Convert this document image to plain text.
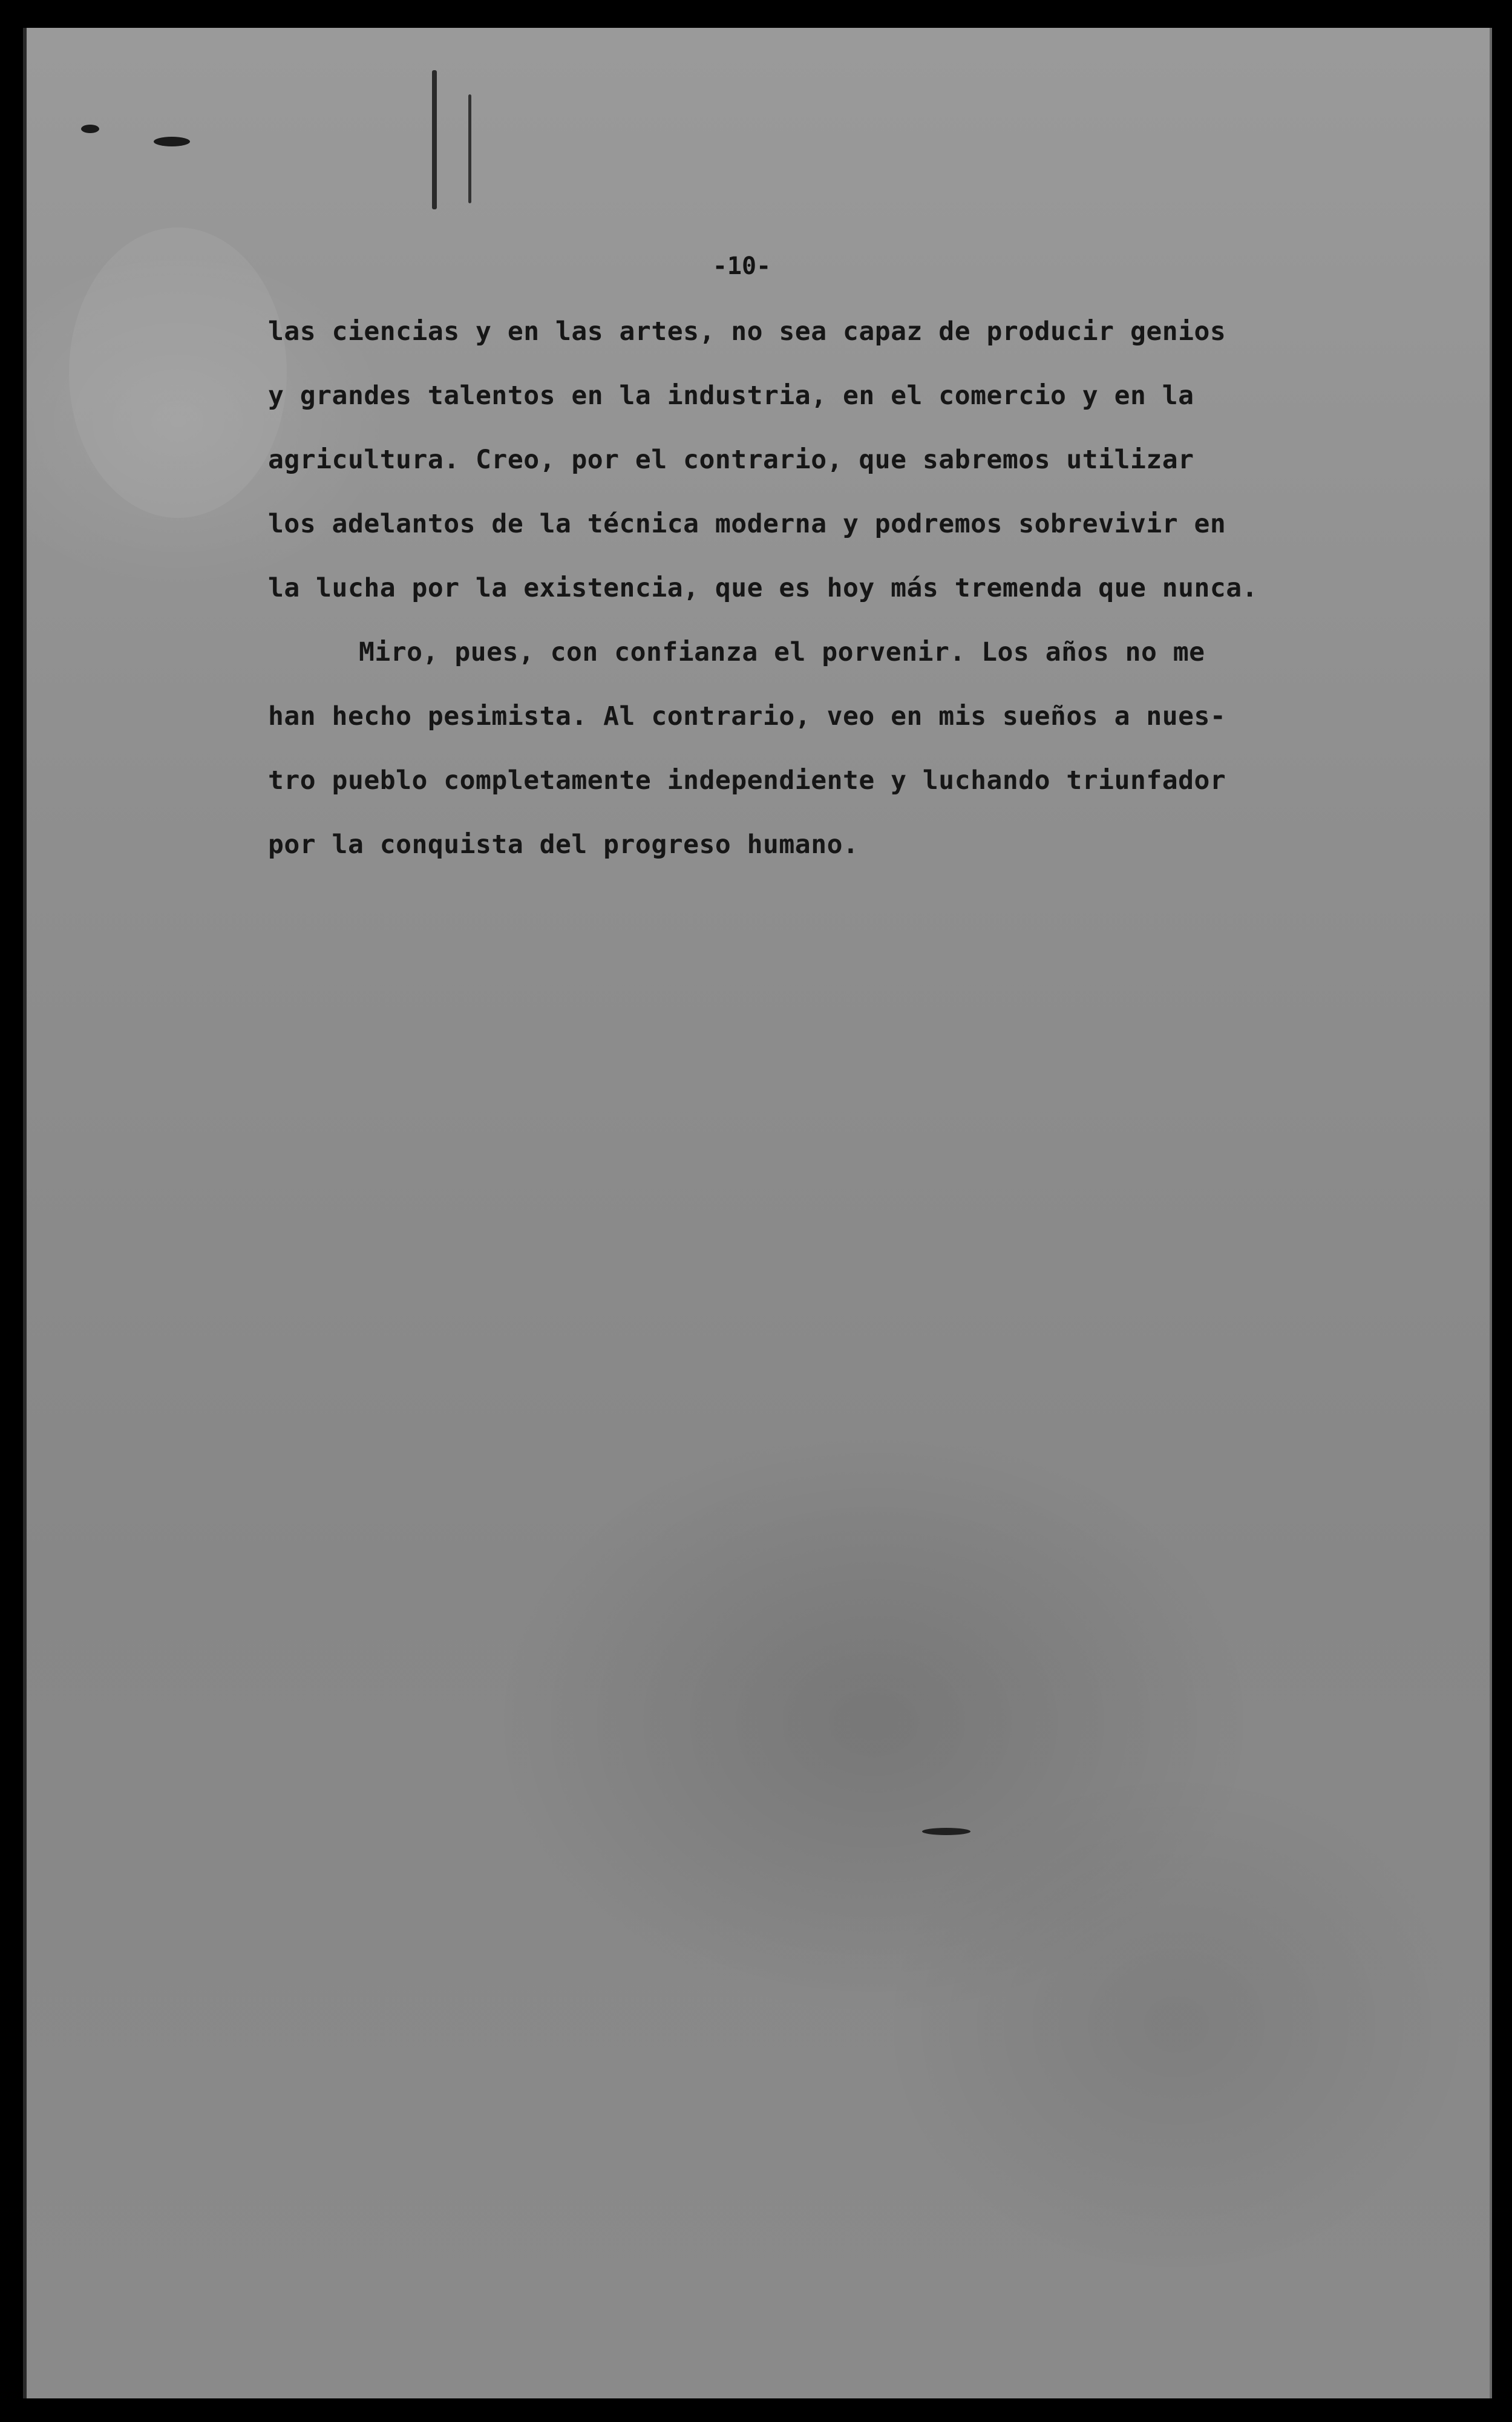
-10-
las ciencias y en las artes, no sea capaz de producir genios
y grandes talentos en la industria, en el comercio y en la
agricultura. Creo, por el contrario, que sabremos utilizar
los adelantos de la técnica moderna y podremos sobrevivir en
la lucha por la existencia, que es hoy más tremenda que nunca.
Miro, pues, con confianza el porvenir. Los años no me
han hecho pesimista. Al contrario, veo en mis sueños a nues-
tro pueblo completamente independiente y luchando triunfador
por la conquista del progreso humano.
